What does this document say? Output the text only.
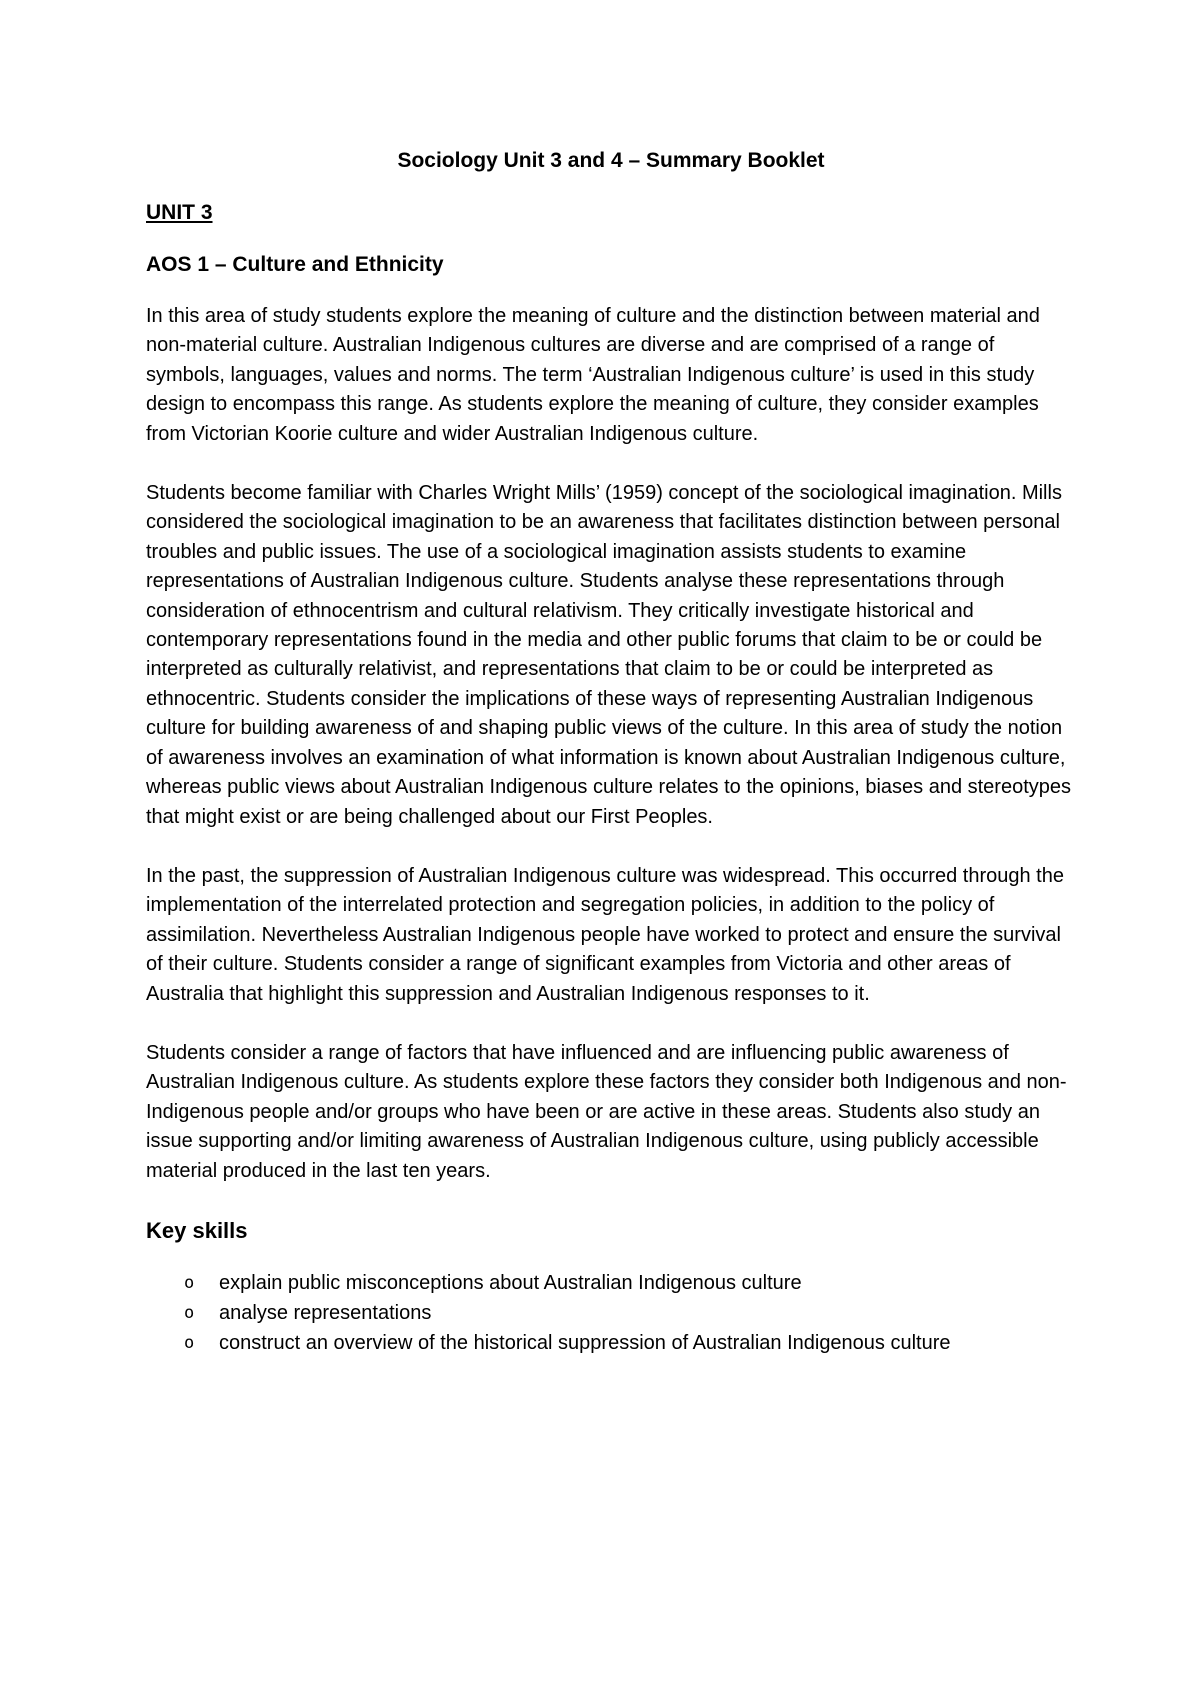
Sociology Unit 3 and 4 – Summary Booklet
UNIT 3
AOS 1 – Culture and Ethnicity

In this area of study students explore the meaning of culture and the distinction between material and non-material culture. Australian Indigenous cultures are diverse and are comprised of a range of symbols, languages, values and norms. The term ‘Australian Indigenous culture’ is used in this study design to encompass this range. As students explore the meaning of culture, they consider examples from Victorian Koorie culture and wider Australian Indigenous culture.

Students become familiar with Charles Wright Mills’ (1959) concept of the sociological imagination. Mills considered the sociological imagination to be an awareness that facilitates distinction between personal troubles and public issues. The use of a sociological imagination assists students to examine representations of Australian Indigenous culture. Students analyse these representations through consideration of ethnocentrism and cultural relativism. They critically investigate historical and contemporary representations found in the media and other public forums that claim to be or could be interpreted as culturally relativist, and representations that claim to be or could be interpreted as ethnocentric. Students consider the implications of these ways of representing Australian Indigenous culture for building awareness of and shaping public views of the culture. In this area of study the notion of awareness involves an examination of what information is known about Australian Indigenous culture, whereas public views about Australian Indigenous culture relates to the opinions, biases and stereotypes that might exist or are being challenged about our First Peoples.

In the past, the suppression of Australian Indigenous culture was widespread. This occurred through the implementation of the interrelated protection and segregation policies, in addition to the policy of assimilation. Nevertheless Australian Indigenous people have worked to protect and ensure the survival of their culture. Students consider a range of significant examples from Victoria and other areas of Australia that highlight this suppression and Australian Indigenous responses to it.

Students consider a range of factors that have influenced and are influencing public awareness of Australian Indigenous culture. As students explore these factors they consider both Indigenous and non-Indigenous people and/or groups who have been or are active in these areas. Students also study an issue supporting and/or limiting awareness of Australian Indigenous culture, using publicly accessible material produced in the last ten years.

Key skills
o explain public misconceptions about Australian Indigenous culture
o analyse representations
o construct an overview of the historical suppression of Australian Indigenous culture
